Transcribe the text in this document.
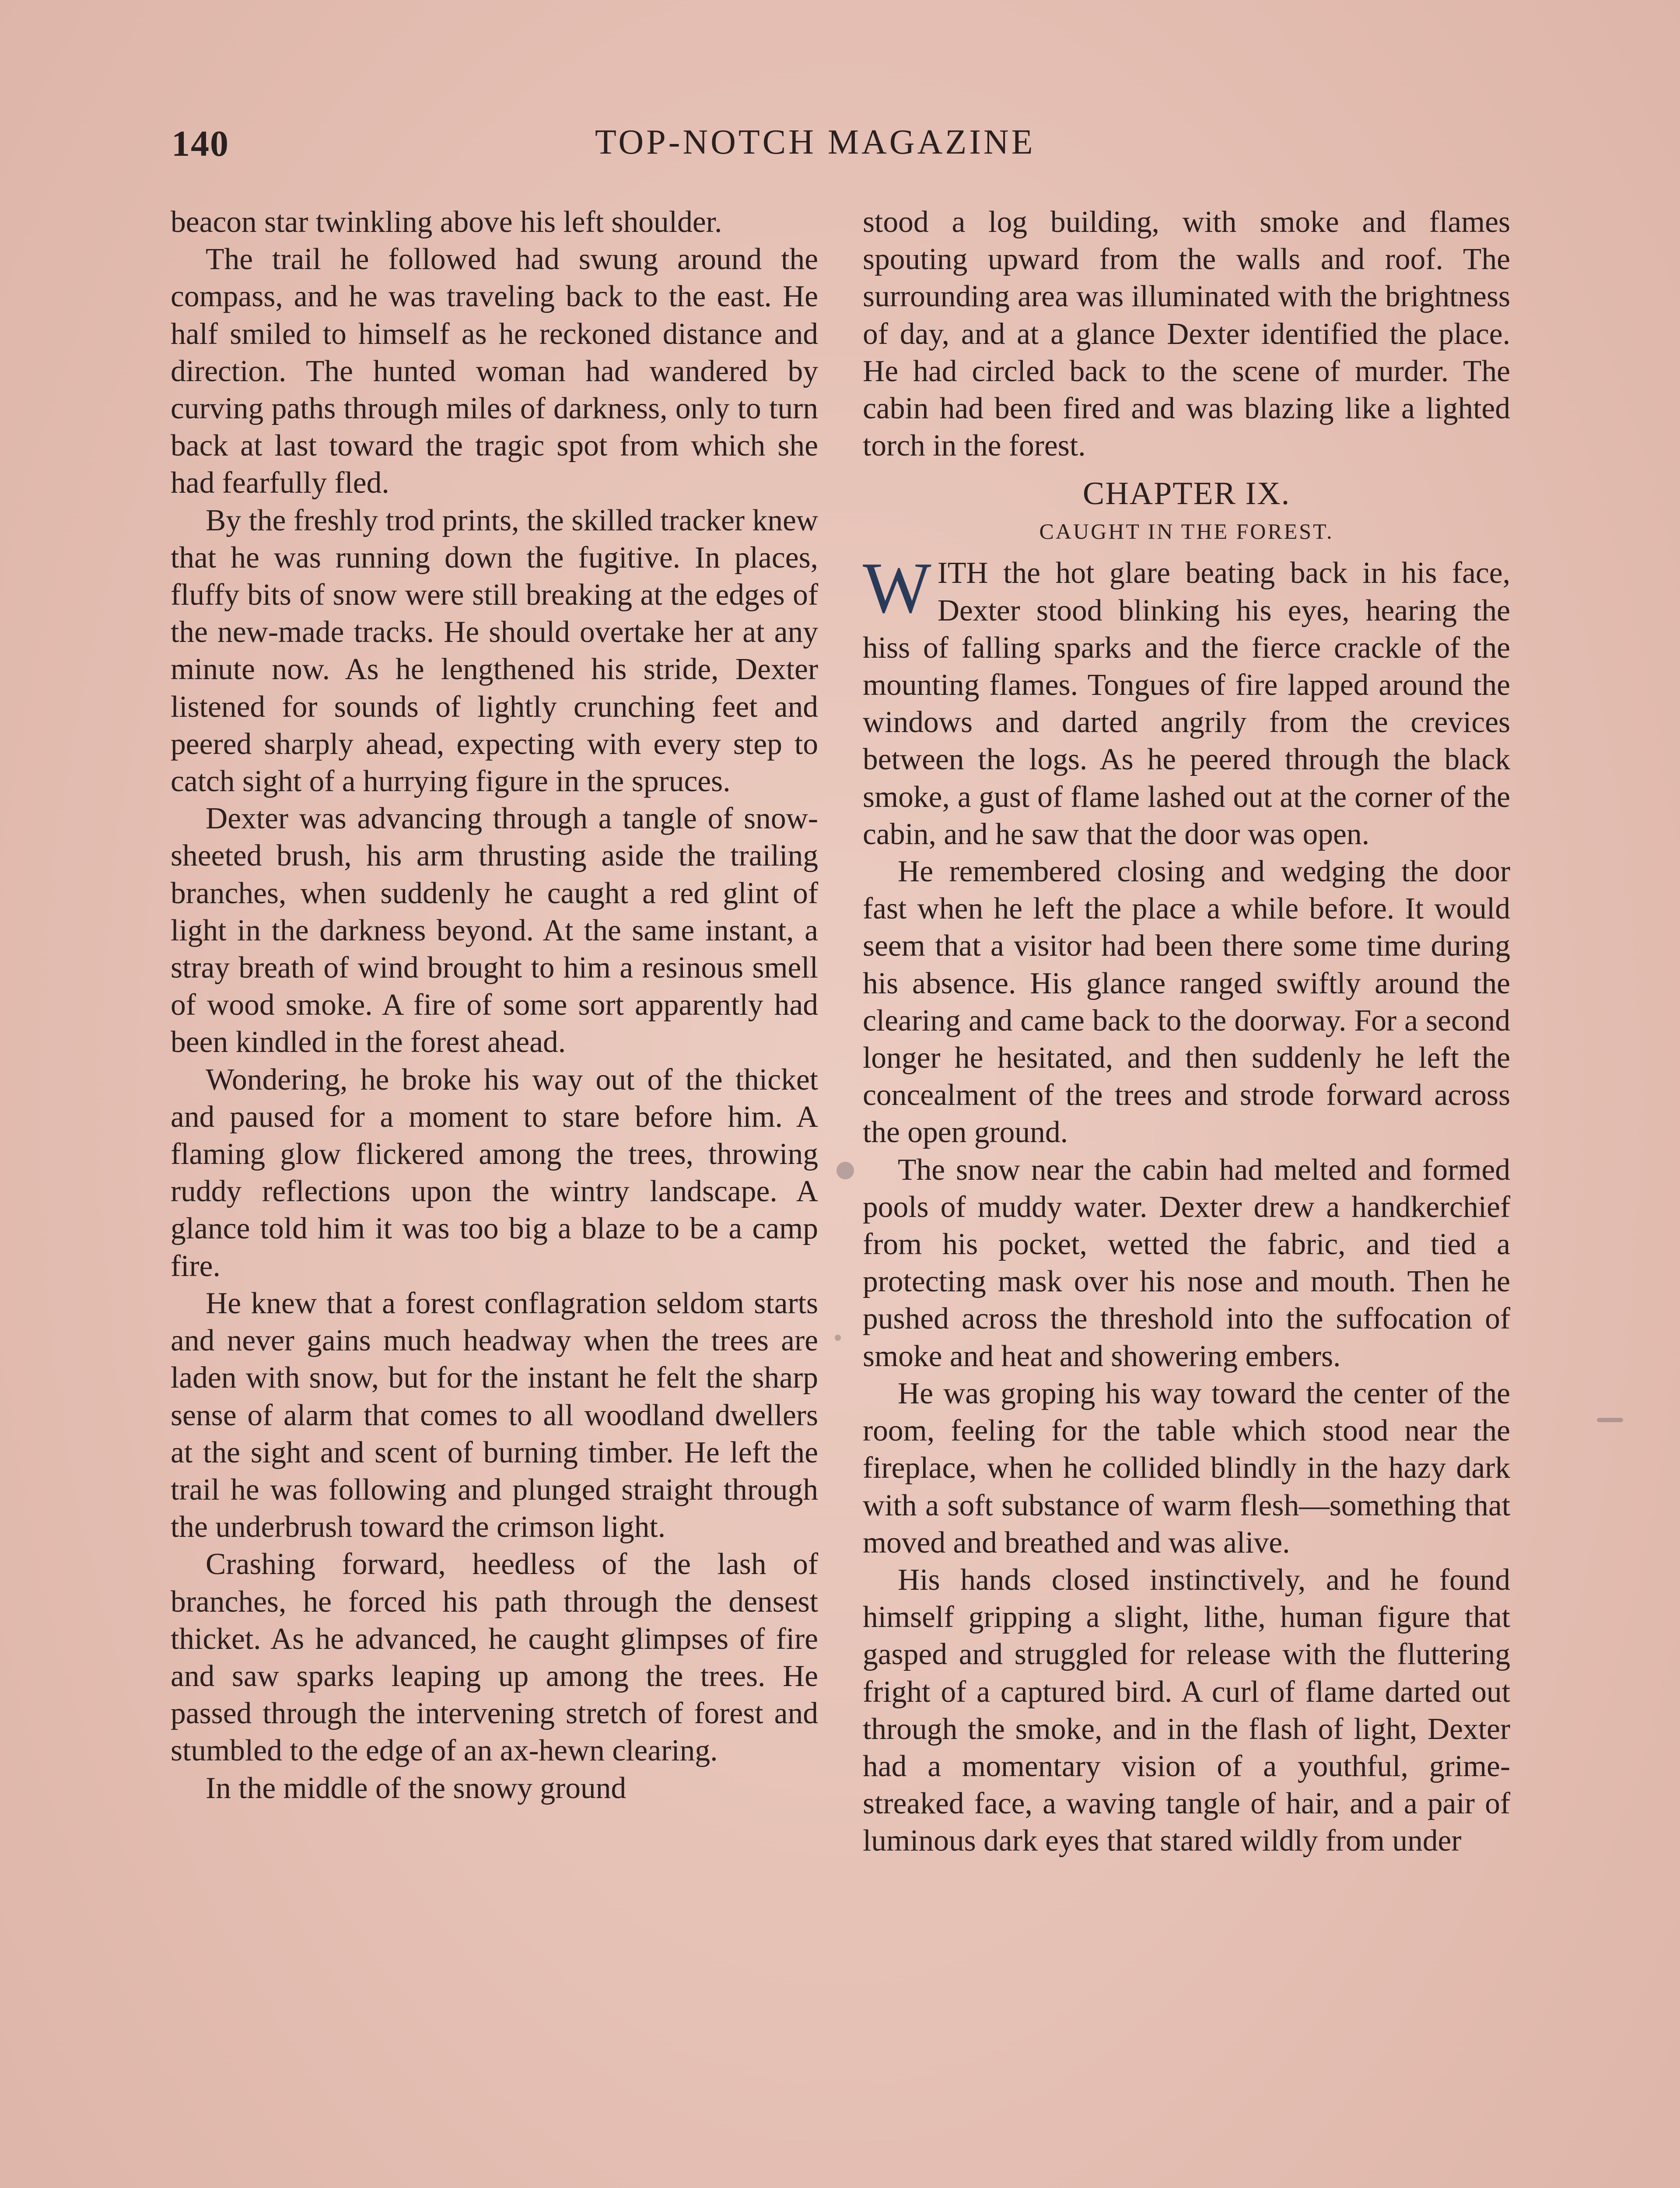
140	TOP-NOTCH MAGAZINE

beacon star twinkling above his left shoulder.

The trail he followed had swung around the compass, and he was traveling back to the east. He half smiled to himself as he reckoned distance and direction. The hunted woman had wandered by curving paths through miles of darkness, only to turn back at last toward the tragic spot from which she had fearfully fled.

By the freshly trod prints, the skilled tracker knew that he was running down the fugitive. In places, fluffy bits of snow were still breaking at the edges of the new-made tracks. He should overtake her at any minute now. As he lengthened his stride, Dexter listened for sounds of lightly crunching feet and peered sharply ahead, expecting with every step to catch sight of a hurrying figure in the spruces.

Dexter was advancing through a tangle of snow-sheeted brush, his arm thrusting aside the trailing branches, when suddenly he caught a red glint of light in the darkness beyond. At the same instant, a stray breath of wind brought to him a resinous smell of wood smoke. A fire of some sort apparently had been kindled in the forest ahead.

Wondering, he broke his way out of the thicket and paused for a moment to stare before him. A flaming glow flickered among the trees, throwing ruddy reflections upon the wintry landscape. A glance told him it was too big a blaze to be a camp fire.

He knew that a forest conflagration seldom starts and never gains much headway when the trees are laden with snow, but for the instant he felt the sharp sense of alarm that comes to all woodland dwellers at the sight and scent of burning timber. He left the trail he was following and plunged straight through the underbrush toward the crimson light.

Crashing forward, heedless of the lash of branches, he forced his path through the densest thicket. As he advanced, he caught glimpses of fire and saw sparks leaping up among the trees. He passed through the intervening stretch of forest and stumbled to the edge of an ax-hewn clearing.

In the middle of the snowy ground

stood a log building, with smoke and flames spouting upward from the walls and roof. The surrounding area was illuminated with the brightness of day, and at a glance Dexter identified the place. He had circled back to the scene of murder. The cabin had been fired and was blazing like a lighted torch in the forest.

CHAPTER IX.
CAUGHT IN THE FOREST.

WITH the hot glare beating back in his face, Dexter stood blinking his eyes, hearing the hiss of falling sparks and the fierce crackle of the mounting flames. Tongues of fire lapped around the windows and darted angrily from the crevices between the logs. As he peered through the black smoke, a gust of flame lashed out at the corner of the cabin, and he saw that the door was open.

He remembered closing and wedging the door fast when he left the place a while before. It would seem that a visitor had been there some time during his absence. His glance ranged swiftly around the clearing and came back to the doorway. For a second longer he hesitated, and then suddenly he left the concealment of the trees and strode forward across the open ground.

The snow near the cabin had melted and formed pools of muddy water. Dexter drew a handkerchief from his pocket, wetted the fabric, and tied a protecting mask over his nose and mouth. Then he pushed across the threshold into the suffocation of smoke and heat and showering embers.

He was groping his way toward the center of the room, feeling for the table which stood near the fireplace, when he collided blindly in the hazy dark with a soft substance of warm flesh—something that moved and breathed and was alive.

His hands closed instinctively, and he found himself gripping a slight, lithe, human figure that gasped and struggled for release with the fluttering fright of a captured bird. A curl of flame darted out through the smoke, and in the flash of light, Dexter had a momentary vision of a youthful, grime-streaked face, a waving tangle of hair, and a pair of luminous dark eyes that stared wildly from under
